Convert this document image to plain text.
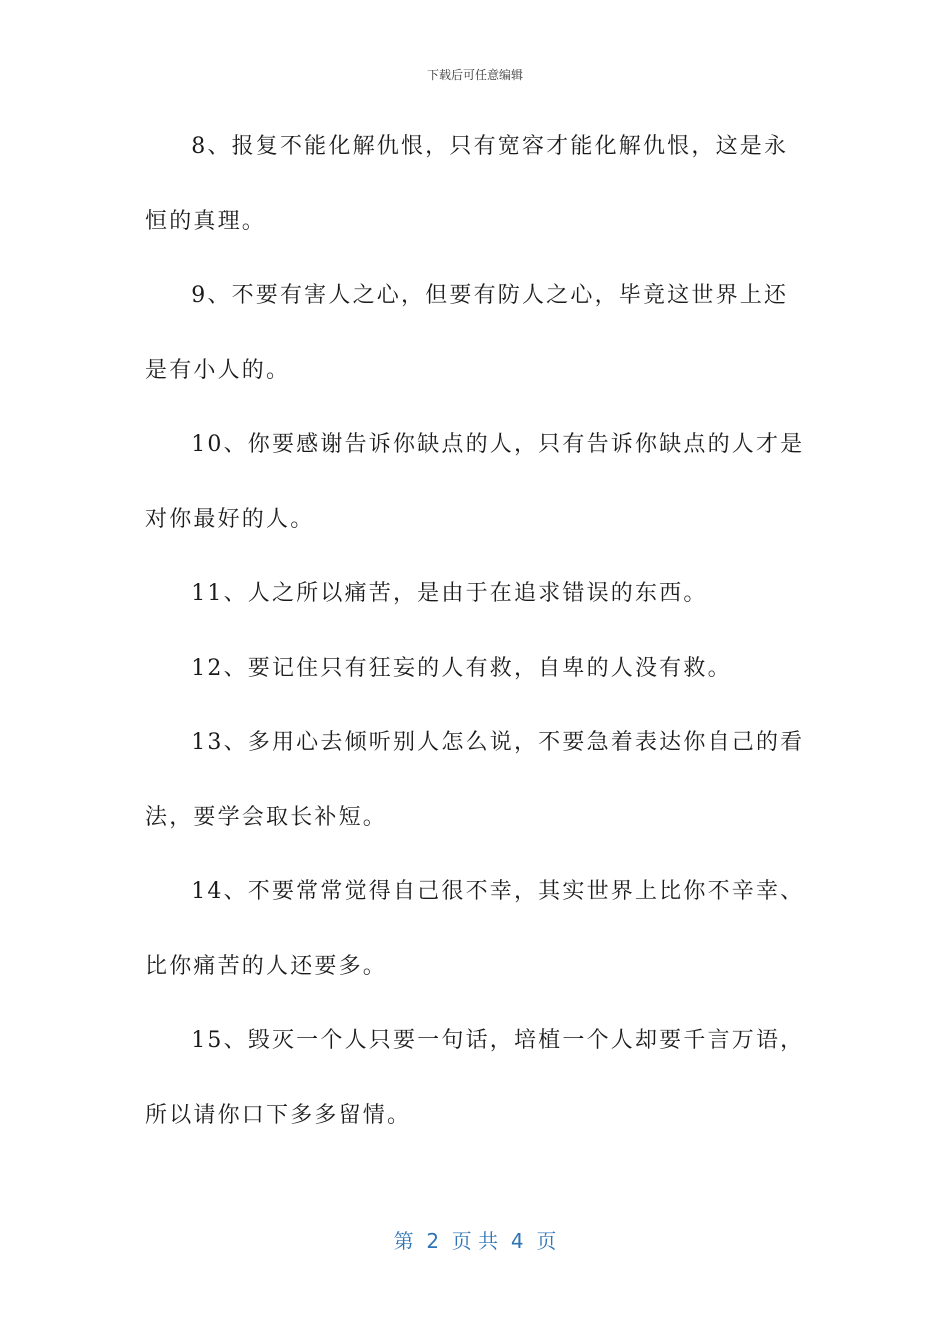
下载后可任意编辑

8、报复不能化解仇恨，只有宽容才能化解仇恨，这是永恒的真理。

9、不要有害人之心，但要有防人之心，毕竟这世界上还是有小人的。

10、你要感谢告诉你缺点的人，只有告诉你缺点的人才是对你最好的人。

11、人之所以痛苦，是由于在追求错误的东西。

12、要记住只有狂妄的人有救，自卑的人没有救。

13、多用心去倾听别人怎么说，不要急着表达你自己的看法，要学会取长补短。

14、不要常常觉得自己很不幸，其实世界上比你不辛幸、比你痛苦的人还要多。

15、毁灭一个人只要一句话，培植一个人却要千言万语，所以请你口下多多留情。

第  2  页 共  4  页
